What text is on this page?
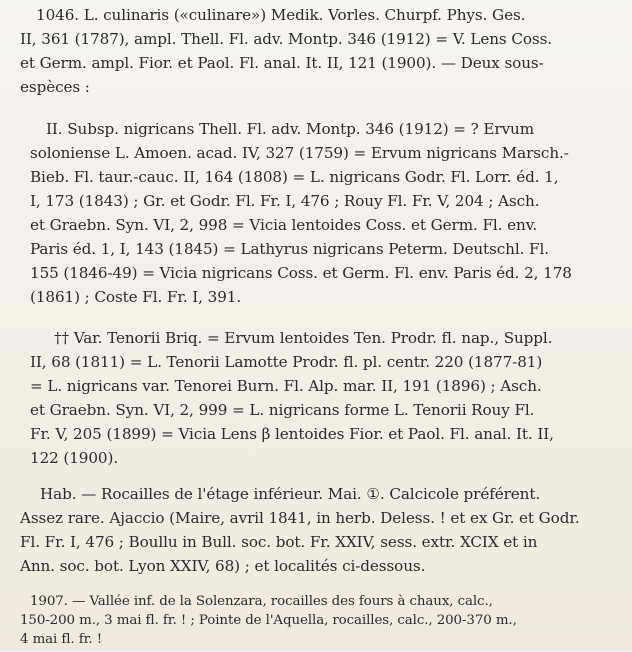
1046. L. culinaris («culinare») Medik. Vorles. Churpf. Phys. Ges.
II, 361 (1787), ampl. Thell. Fl. adv. Montp. 346 (1912) = V. Lens Coss.
et Germ. ampl. Fior. et Paol. Fl. anal. It. II, 121 (1900). — Deux sous-
espèces :
II. Subsp. nigricans Thell. Fl. adv. Montp. 346 (1912) = ? Ervum
soloniense L. Amoen. acad. IV, 327 (1759) = Ervum nigricans Marsch.-
Bieb. Fl. taur.-cauc. II, 164 (1808) = L. nigricans Godr. Fl. Lorr. éd. 1,
I, 173 (1843) ; Gr. et Godr. Fl. Fr. I, 476 ; Rouy Fl. Fr. V, 204 ; Asch.
et Graebn. Syn. VI, 2, 998 = Vicia lentoides Coss. et Germ. Fl. env.
Paris éd. 1, I, 143 (1845) = Lathyrus nigricans Peterm. Deutschl. Fl.
155 (1846-49) = Vicia nigricans Coss. et Germ. Fl. env. Paris éd. 2, 178
(1861) ; Coste Fl. Fr. I, 391.
†† Var. Tenorii Briq. = Ervum lentoides Ten. Prodr. fl. nap., Suppl.
II, 68 (1811) = L. Tenorii Lamotte Prodr. fl. pl. centr. 220 (1877-81)
= L. nigricans var. Tenorei Burn. Fl. Alp. mar. II, 191 (1896) ; Asch.
et Graebn. Syn. VI, 2, 999 = L. nigricans forme L. Tenorii Rouy Fl.
Fr. V, 205 (1899) = Vicia Lens β lentoides Fior. et Paol. Fl. anal. It. II,
122 (1900).
Hab. — Rocailles de l'étage inférieur. Mai. ①. Calcicole préférent.
Assez rare. Ajaccio (Maire, avril 1841, in herb. Deless. ! et ex Gr. et Godr.
Fl. Fr. I, 476 ; Boullu in Bull. soc. bot. Fr. XXIV, sess. extr. XCIX et in
Ann. soc. bot. Lyon XXIV, 68) ; et localités ci-dessous.
1907. — Vallée inf. de la Solenzara, rocailles des fours à chaux, calc.,
150-200 m., 3 mai fl. fr. ! ; Pointe de l'Aquella, rocailles, calc., 200-370 m.,
4 mai fl. fr. !
